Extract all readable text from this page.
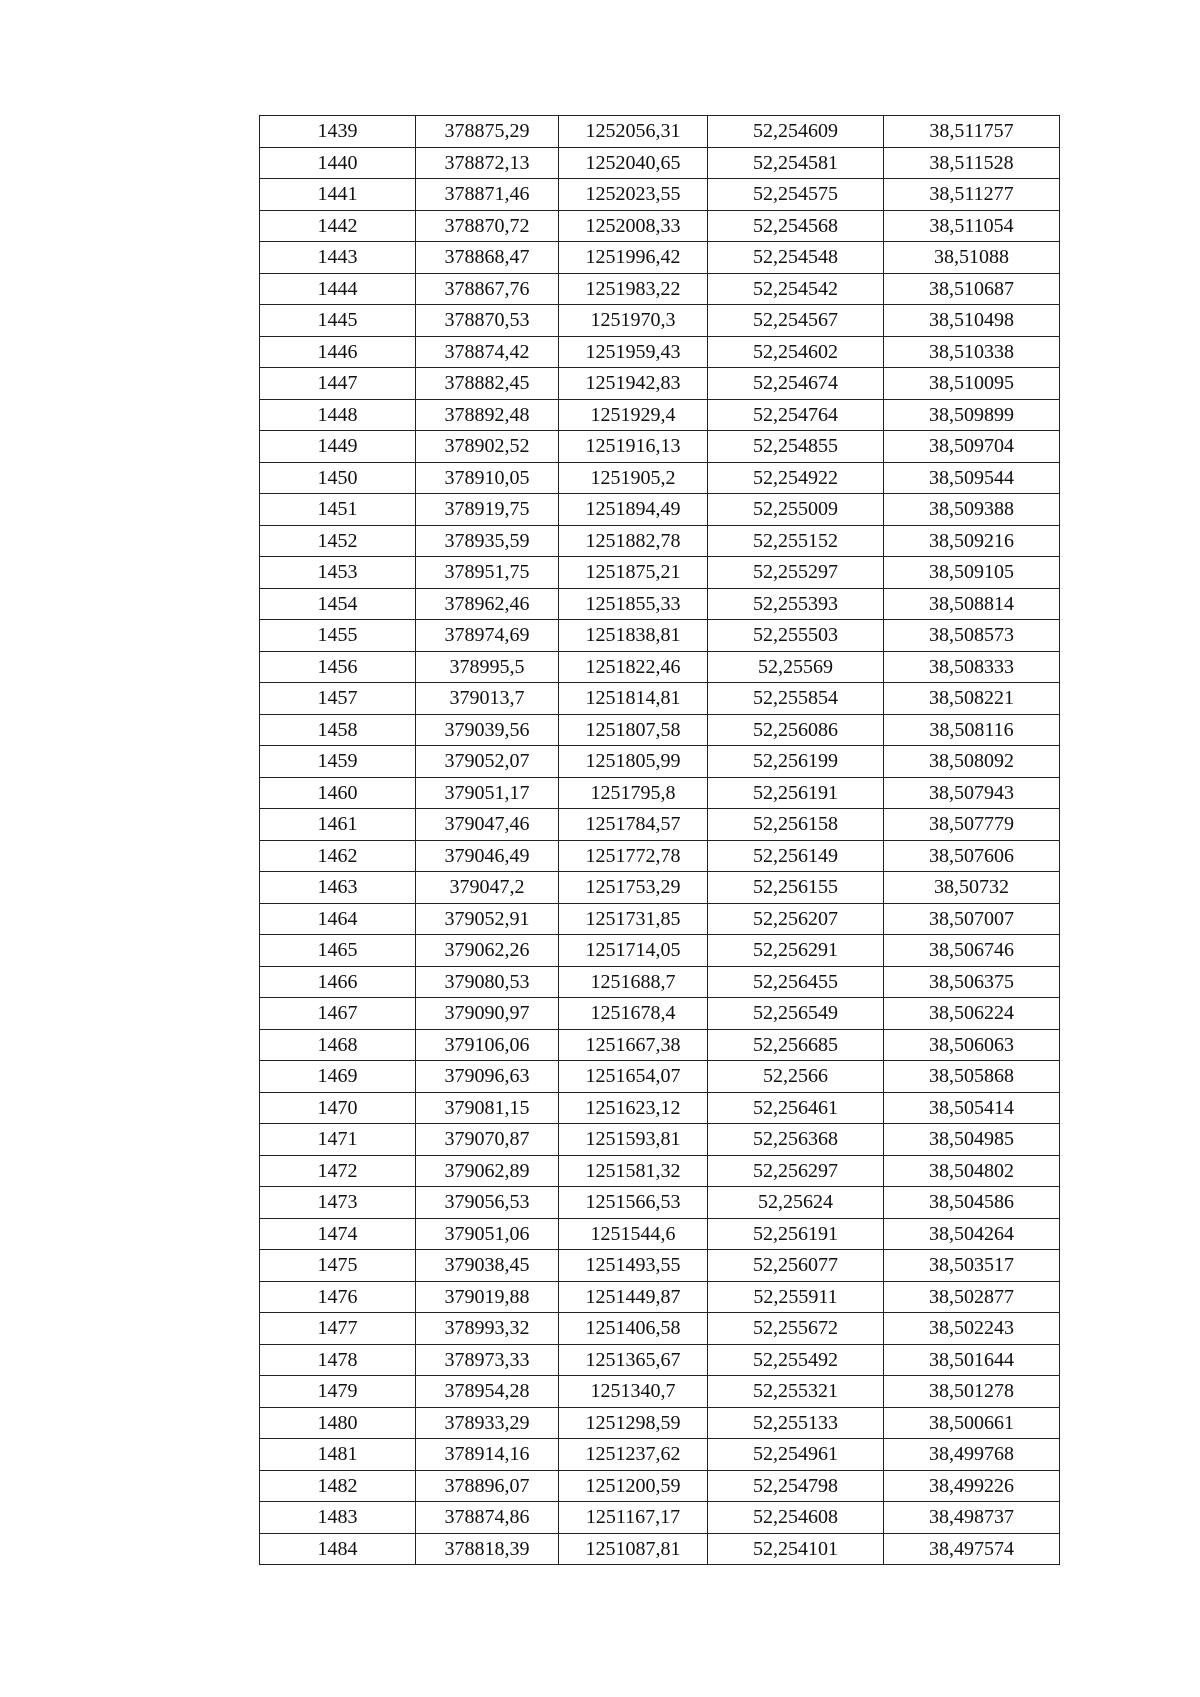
1439	378875,29	1252056,31	52,254609	38,511757
1440	378872,13	1252040,65	52,254581	38,511528
1441	378871,46	1252023,55	52,254575	38,511277
1442	378870,72	1252008,33	52,254568	38,511054
1443	378868,47	1251996,42	52,254548	38,51088
1444	378867,76	1251983,22	52,254542	38,510687
1445	378870,53	1251970,3	52,254567	38,510498
1446	378874,42	1251959,43	52,254602	38,510338
1447	378882,45	1251942,83	52,254674	38,510095
1448	378892,48	1251929,4	52,254764	38,509899
1449	378902,52	1251916,13	52,254855	38,509704
1450	378910,05	1251905,2	52,254922	38,509544
1451	378919,75	1251894,49	52,255009	38,509388
1452	378935,59	1251882,78	52,255152	38,509216
1453	378951,75	1251875,21	52,255297	38,509105
1454	378962,46	1251855,33	52,255393	38,508814
1455	378974,69	1251838,81	52,255503	38,508573
1456	378995,5	1251822,46	52,25569	38,508333
1457	379013,7	1251814,81	52,255854	38,508221
1458	379039,56	1251807,58	52,256086	38,508116
1459	379052,07	1251805,99	52,256199	38,508092
1460	379051,17	1251795,8	52,256191	38,507943
1461	379047,46	1251784,57	52,256158	38,507779
1462	379046,49	1251772,78	52,256149	38,507606
1463	379047,2	1251753,29	52,256155	38,50732
1464	379052,91	1251731,85	52,256207	38,507007
1465	379062,26	1251714,05	52,256291	38,506746
1466	379080,53	1251688,7	52,256455	38,506375
1467	379090,97	1251678,4	52,256549	38,506224
1468	379106,06	1251667,38	52,256685	38,506063
1469	379096,63	1251654,07	52,2566	38,505868
1470	379081,15	1251623,12	52,256461	38,505414
1471	379070,87	1251593,81	52,256368	38,504985
1472	379062,89	1251581,32	52,256297	38,504802
1473	379056,53	1251566,53	52,25624	38,504586
1474	379051,06	1251544,6	52,256191	38,504264
1475	379038,45	1251493,55	52,256077	38,503517
1476	379019,88	1251449,87	52,255911	38,502877
1477	378993,32	1251406,58	52,255672	38,502243
1478	378973,33	1251365,67	52,255492	38,501644
1479	378954,28	1251340,7	52,255321	38,501278
1480	378933,29	1251298,59	52,255133	38,500661
1481	378914,16	1251237,62	52,254961	38,499768
1482	378896,07	1251200,59	52,254798	38,499226
1483	378874,86	1251167,17	52,254608	38,498737
1484	378818,39	1251087,81	52,254101	38,497574
